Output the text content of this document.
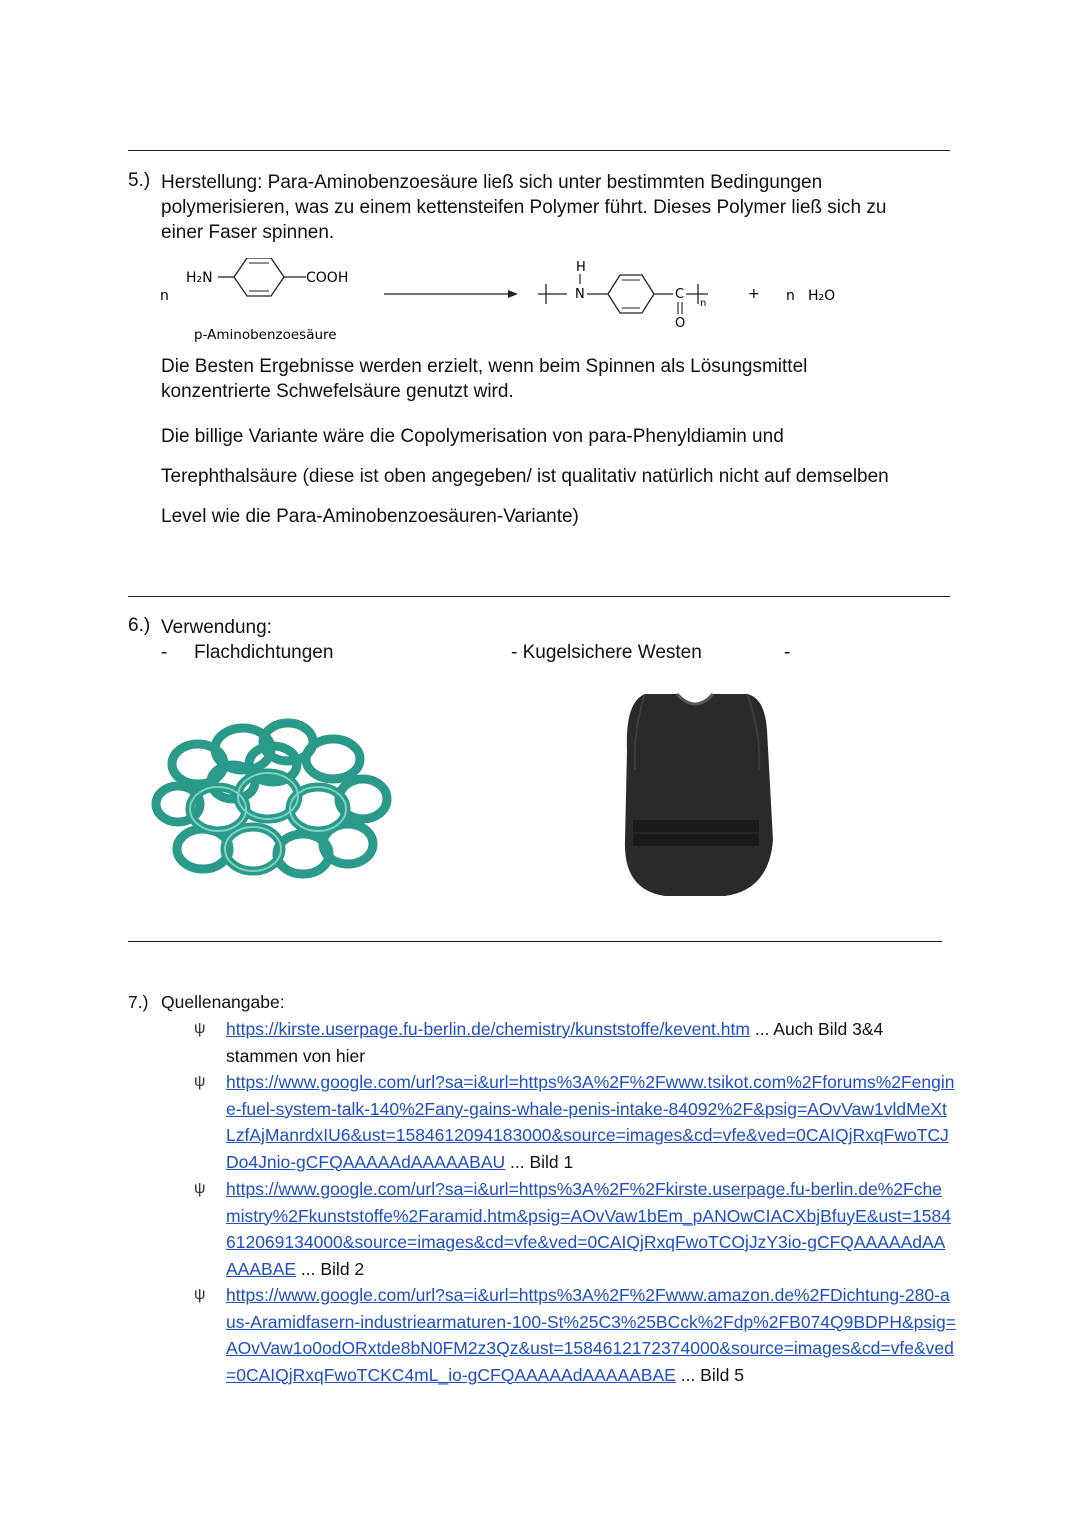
5.) Herstellung: Para-Aminobenzoesäure ließ sich unter bestimmten Bedingungen

polymerisieren, was zu einem kettensteifen Polymer führt. Dieses Polymer ließ sich zu

einer Faser spinnen.

n
H₂N	COOH
H
N	C
O
n
+ n H₂O
p-Aminobenzoesäure

Die Besten Ergebnisse werden erzielt, wenn beim Spinnen als Lösungsmittel

konzentrierte Schwefelsäure genutzt wird.

Die billige Variante wäre die Copolymerisation von para-Phenyldiamin und

Terephthalsäure (diese ist oben angegeben/ ist qualitativ natürlich nicht auf demselben

Level wie die Para-Aminobenzoesäuren-Variante)

6.) Verwendung:
- Flachdichtungen	- Kugelsichere Westen	-
7.) Quellenangabe:
ψ https://kirste.userpage.fu-berlin.de/chemistry/kunststoffe/kevent.htm ... Auch Bild 3&4 stammen von hier
ψ https://www.google.com/url?sa=i&url=https%3A%2F%2Fwww.tsikot.com%2Fforums%2Fengine-fuel-system-talk-140%2Fany-gains-whale-penis-intake-84092%2F&psig=AOvVaw1vldMeXtLzfAjManrdxIU6&ust=1584612094183000&source=images&cd=vfe&ved=0CAIQjRxqFwoTCJDo4Jnio-gCFQAAAAAdAAAAABAU ... Bild 1
ψ https://www.google.com/url?sa=i&url=https%3A%2F%2Fkirste.userpage.fu-berlin.de%2Fchemistry%2Fkunststoffe%2Faramid.htm&psig=AOvVaw1bEm_pANOwCIACXbjBfuyE&ust=1584612069134000&source=images&cd=vfe&ved=0CAIQjRxqFwoTCOjJzY3io-gCFQAAAAAdAAAAABAE ... Bild 2
ψ https://www.google.com/url?sa=i&url=https%3A%2F%2Fwww.amazon.de%2FDichtung-280-aus-Aramidfasern-industriearmaturen-100-St%25C3%25BCck%2Fdp%2FB074Q9BDPH&psig=AOvVaw1o0odORxtde8bN0FM2z3Qz&ust=1584612172374000&source=images&cd=vfe&ved=0CAIQjRxqFwoTCKC4mL_io-gCFQAAAAAdAAAAABAE ... Bild 5
